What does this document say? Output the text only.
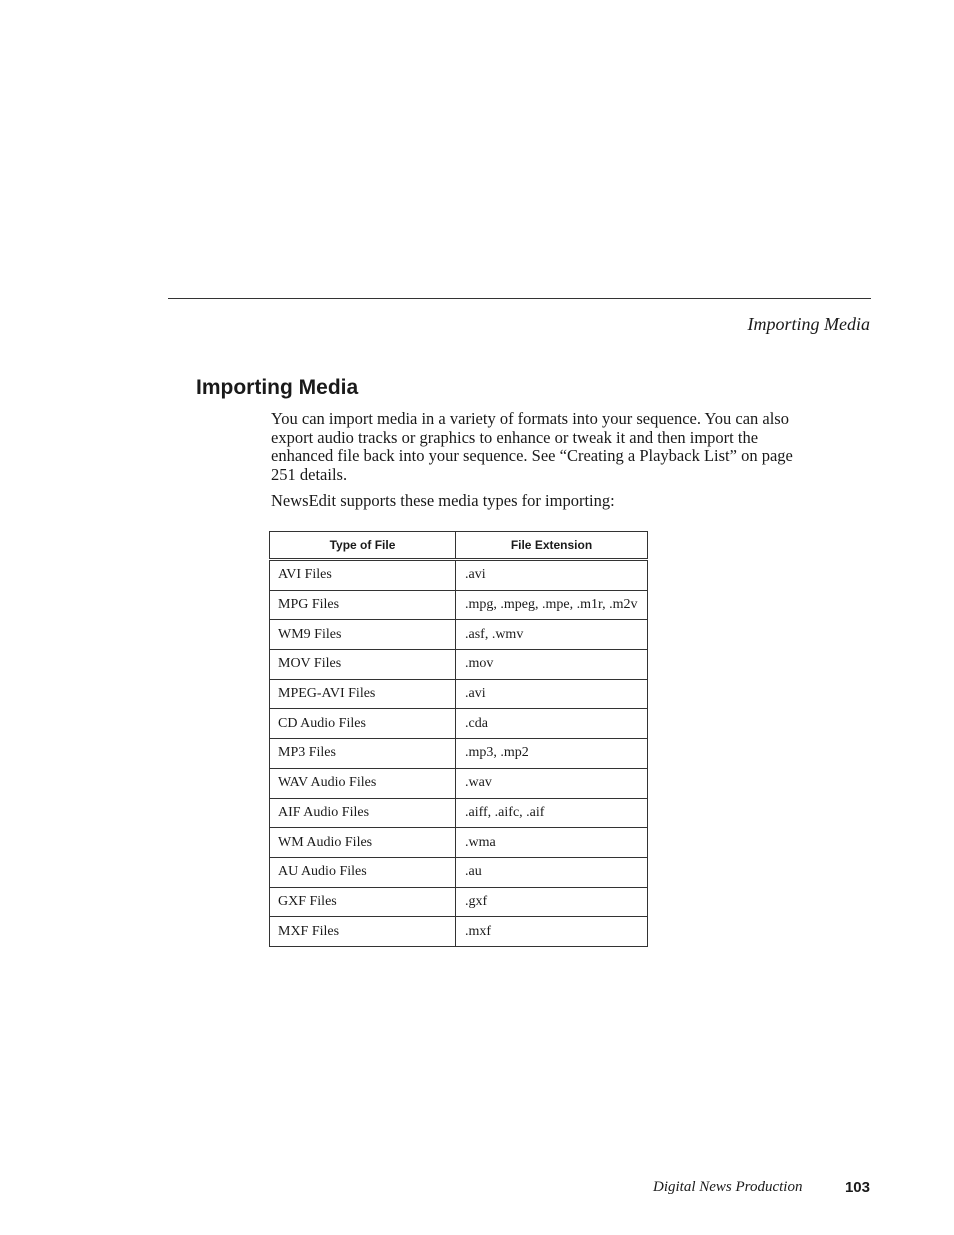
Importing Media
Importing Media

You can import media in a variety of formats into your sequence. You can also export audio tracks or graphics to enhance or tweak it and then import the enhanced file back into your sequence. See “Creating a Playback List” on page 251 details.

NewsEdit supports these media types for importing:

Type of File	File Extension
AVI Files	.avi
MPG Files	.mpg, .mpeg, .mpe, .m1r, .m2v
WM9 Files	.asf, .wmv
MOV Files	.mov
MPEG-AVI Files	.avi
CD Audio Files	.cda
MP3 Files	.mp3, .mp2
WAV Audio Files	.wav
AIF Audio Files	.aiff, .aifc, .aif
WM Audio Files	.wma
AU Audio Files	.au
GXF Files	.gxf
MXF Files	.mxf
Digital News Production	103
